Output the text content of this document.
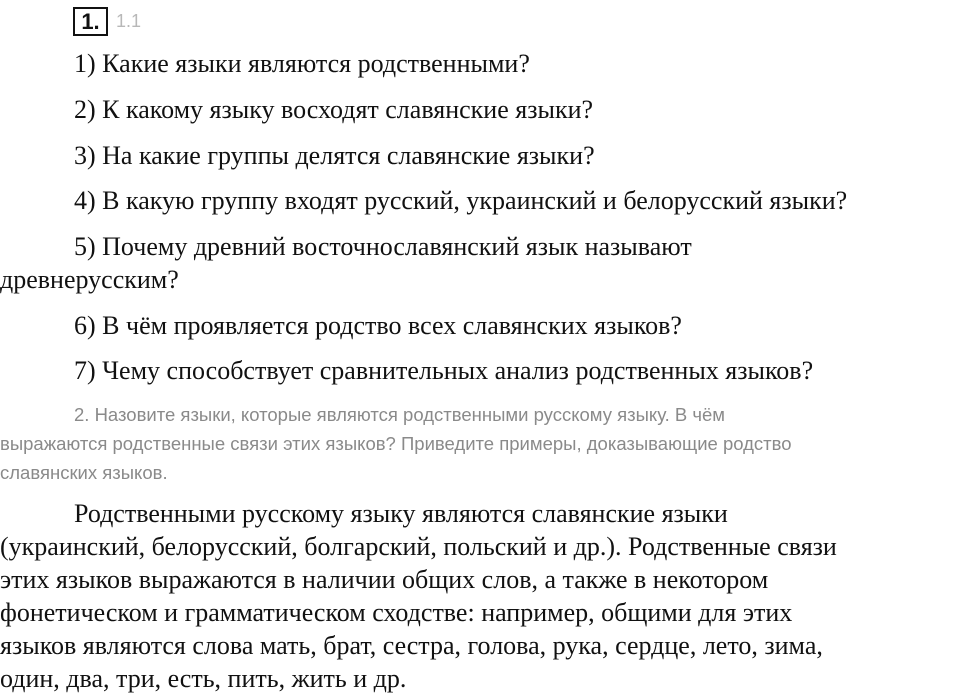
1. 1.1
1) Какие языки являются родственными?
2) К какому языку восходят славянские языки?
3) На какие группы делятся славянские языки?
4) В какую группу входят русский, украинский и белорусский языки?
5) Почему древний восточнославянский язык называют
древнерусским?
6) В чём проявляется родство всех славянских языков?
7) Чему способствует сравнительных анализ родственных языков?
2. Назовите языки, которые являются родственными русскому языку. В чём
выражаются родственные связи этих языков? Приведите примеры, доказывающие родство
славянских языков.
Родственными русскому языку являются славянские языки
(украинский, белорусский, болгарский, польский и др.). Родственные связи
этих языков выражаются в наличии общих слов, а также в некотором
фонетическом и грамматическом сходстве: например, общими для этих
языков являются слова мать, брат, сестра, голова, рука, сердце, лето, зима,
один, два, три, есть, пить, жить и др.
